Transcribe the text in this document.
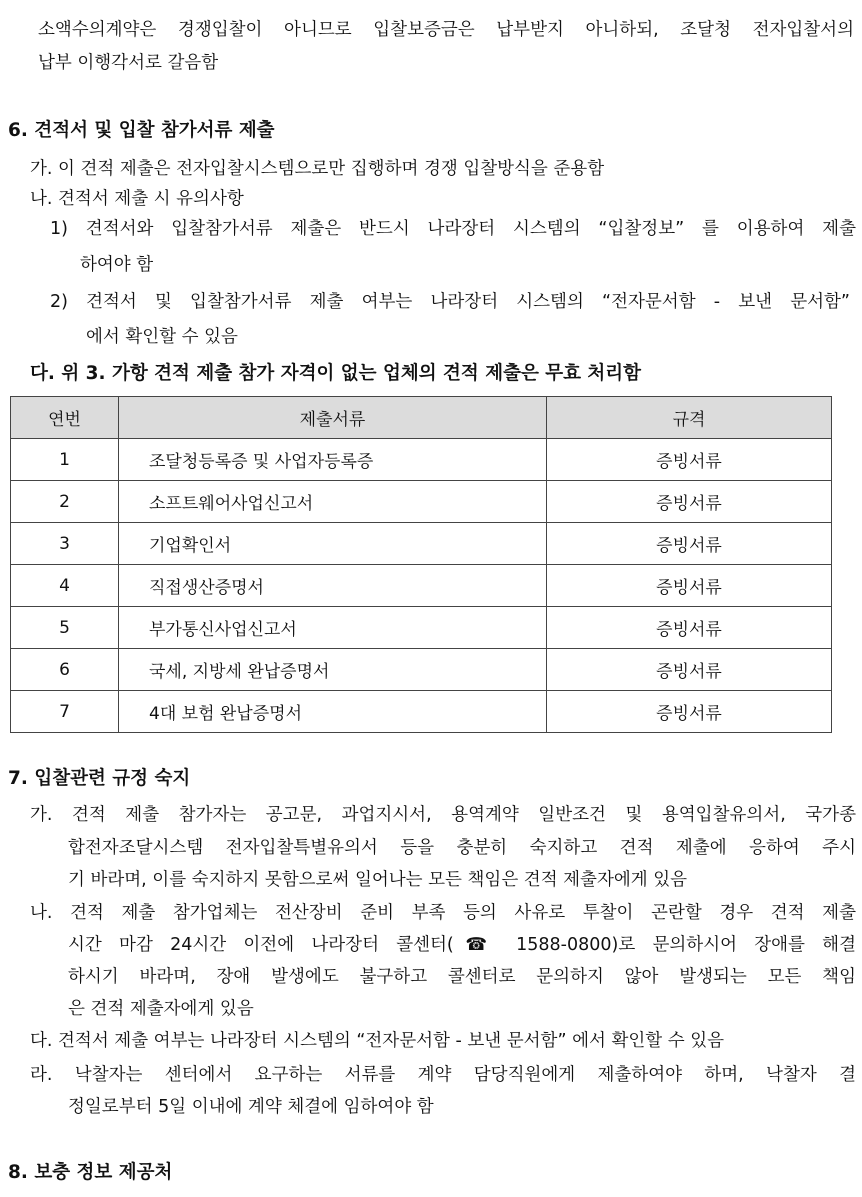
소액수의계약은 경쟁입찰이 아니므로 입찰보증금은 납부받지 아니하되, 조달청 전자입찰서의
납부 이행각서로 갈음함
6. 견적서 및 입찰 참가서류 제출
가. 이 견적 제출은 전자입찰시스템으로만 집행하며 경쟁 입찰방식을 준용함
나. 견적서 제출 시 유의사항
1) 견적서와 입찰참가서류 제출은 반드시 나라장터 시스템의 “입찰정보” 를 이용하여 제출
하여야 함
2) 견적서 및 입찰참가서류 제출 여부는 나라장터 시스템의 “전자문서함 - 보낸 문서함”
에서 확인할 수 있음
다. 위 3. 가항 견적 제출 참가 자격이 없는 업체의 견적 제출은 무효 처리함
연번	제출서류	규격
1	조달청등록증 및 사업자등록증	증빙서류
2	소프트웨어사업신고서	증빙서류
3	기업확인서	증빙서류
4	직접생산증명서	증빙서류
5	부가통신사업신고서	증빙서류
6	국세, 지방세 완납증명서	증빙서류
7	4대 보험 완납증명서	증빙서류
7. 입찰관련 규정 숙지
가. 견적 제출 참가자는 공고문, 과업지시서, 용역계약 일반조건 및 용역입찰유의서, 국가종
합전자조달시스템 전자입찰특별유의서 등을 충분히 숙지하고 견적 제출에 응하여 주시
기 바라며, 이를 숙지하지 못함으로써 일어나는 모든 책임은 견적 제출자에게 있음
나. 견적 제출 참가업체는 전산장비 준비 부족 등의 사유로 투찰이 곤란할 경우 견적 제출
시간 마감 24시간 이전에 나라장터 콜센터(☎ 1588-0800)로 문의하시어 장애를 해결
하시기 바라며, 장애 발생에도 불구하고 콜센터로 문의하지 않아 발생되는 모든 책임
은 견적 제출자에게 있음
다. 견적서 제출 여부는 나라장터 시스템의 “전자문서함 - 보낸 문서함” 에서 확인할 수 있음
라. 낙찰자는 센터에서 요구하는 서류를 계약 담당직원에게 제출하여야 하며, 낙찰자 결
정일로부터 5일 이내에 계약 체결에 임하여야 함
8. 보충 정보 제공처
